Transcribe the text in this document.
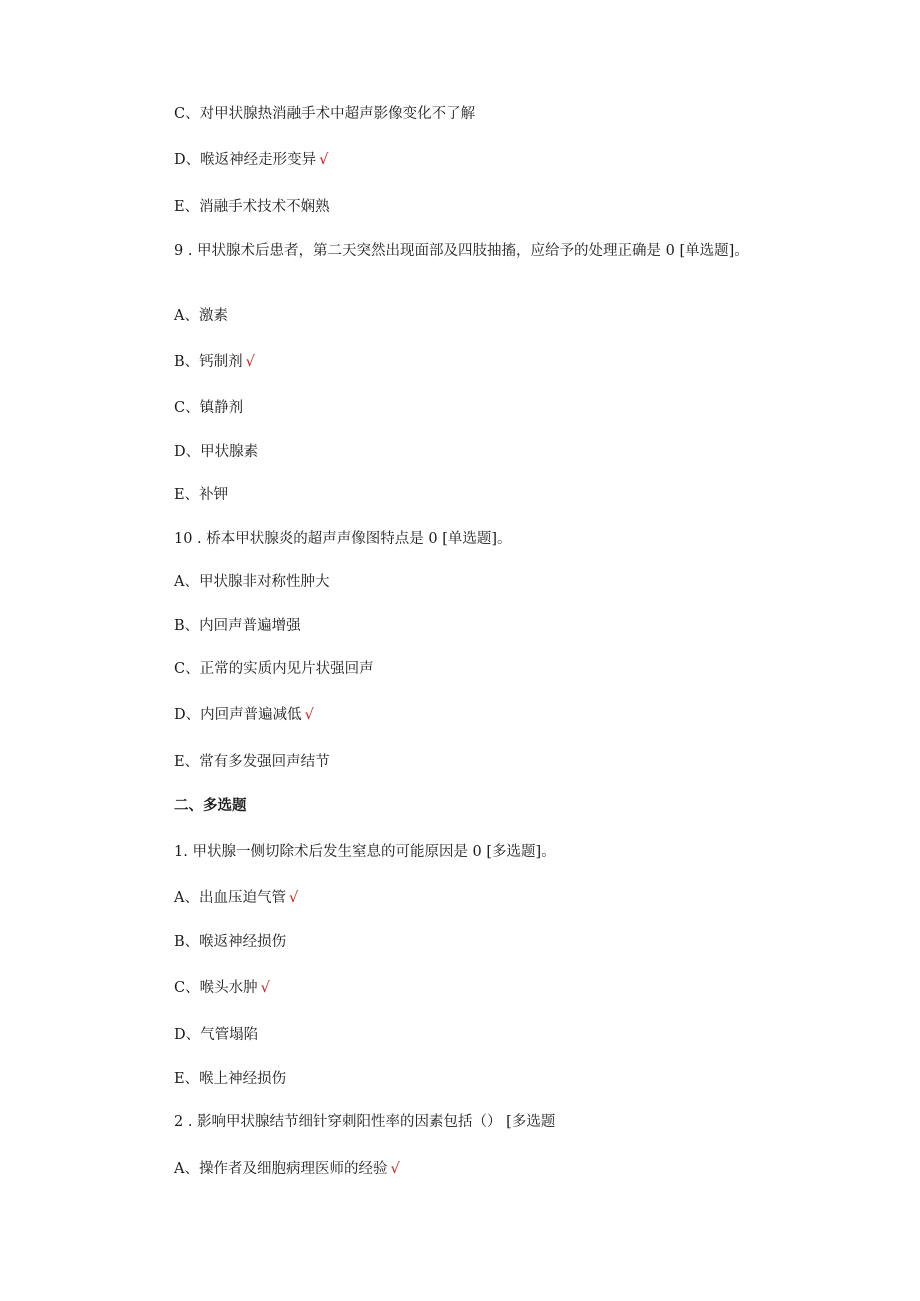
C、对甲状腺热消融手术中超声影像变化不了解
D、喉返神经走形变异 √
E、消融手术技术不娴熟
9 . 甲状腺术后患者，第二天突然出现面部及四肢抽搐，应给予的处理正确是 0 [单选题]。
A、激素
B、钙制剂 √
C、镇静剂
D、甲状腺素
E、补钾
10 . 桥本甲状腺炎的超声声像图特点是 0 [单选题]。
A、甲状腺非对称性肿大
B、内回声普遍增强
C、正常的实质内见片状强回声
D、内回声普遍减低 √
E、常有多发强回声结节
二、多选题
1. 甲状腺一侧切除术后发生窒息的可能原因是 0 [多选题]。
A、出血压迫气管 √
B、喉返神经损伤
C、喉头水肿 √
D、气管塌陷
E、喉上神经损伤
2 . 影响甲状腺结节细针穿刺阳性率的因素包括（） [多选题
A、操作者及细胞病理医师的经验 √
